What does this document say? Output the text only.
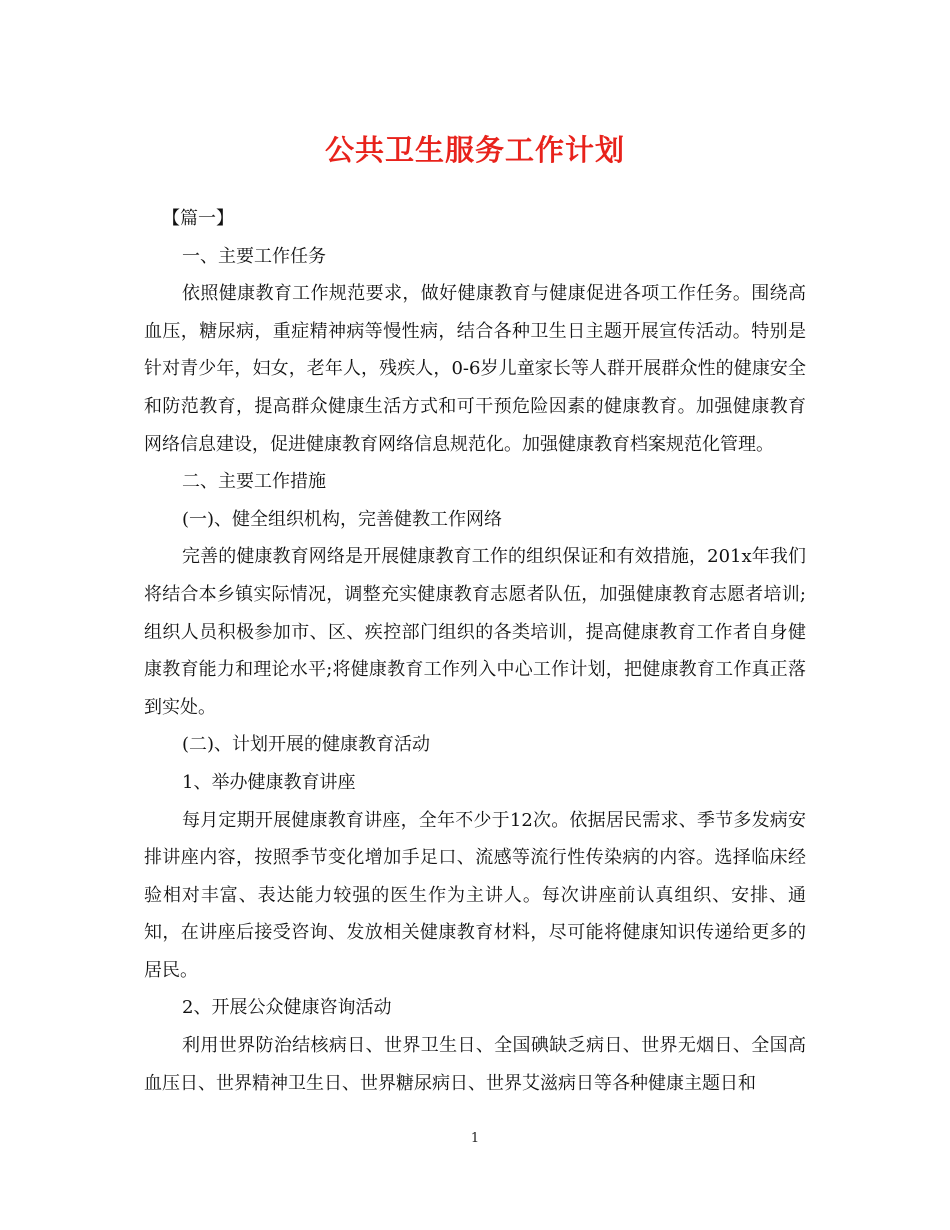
公共卫生服务工作计划

【篇一】

一、主要工作任务

依照健康教育工作规范要求，做好健康教育与健康促进各项工作任务。围绕高血压，糖尿病，重症精神病等慢性病，结合各种卫生日主题开展宣传活动。特别是针对青少年，妇女，老年人，残疾人，0-6岁儿童家长等人群开展群众性的健康安全和防范教育，提高群众健康生活方式和可干预危险因素的健康教育。加强健康教育网络信息建设，促进健康教育网络信息规范化。加强健康教育档案规范化管理。

二、主要工作措施

(一)、健全组织机构，完善健教工作网络

完善的健康教育网络是开展健康教育工作的组织保证和有效措施，201x年我们将结合本乡镇实际情况，调整充实健康教育志愿者队伍，加强健康教育志愿者培训;组织人员积极参加市、区、疾控部门组织的各类培训，提高健康教育工作者自身健康教育能力和理论水平;将健康教育工作列入中心工作计划，把健康教育工作真正落到实处。

(二)、计划开展的健康教育活动

1、举办健康教育讲座

每月定期开展健康教育讲座，全年不少于12次。依据居民需求、季节多发病安排讲座内容，按照季节变化增加手足口、流感等流行性传染病的内容。选择临床经验相对丰富、表达能力较强的医生作为主讲人。每次讲座前认真组织、安排、通知，在讲座后接受咨询、发放相关健康教育材料，尽可能将健康知识传递给更多的居民。

2、开展公众健康咨询活动

利用世界防治结核病日、世界卫生日、全国碘缺乏病日、世界无烟日、全国高血压日、世界精神卫生日、世界糖尿病日、世界艾滋病日等各种健康主题日和

1
